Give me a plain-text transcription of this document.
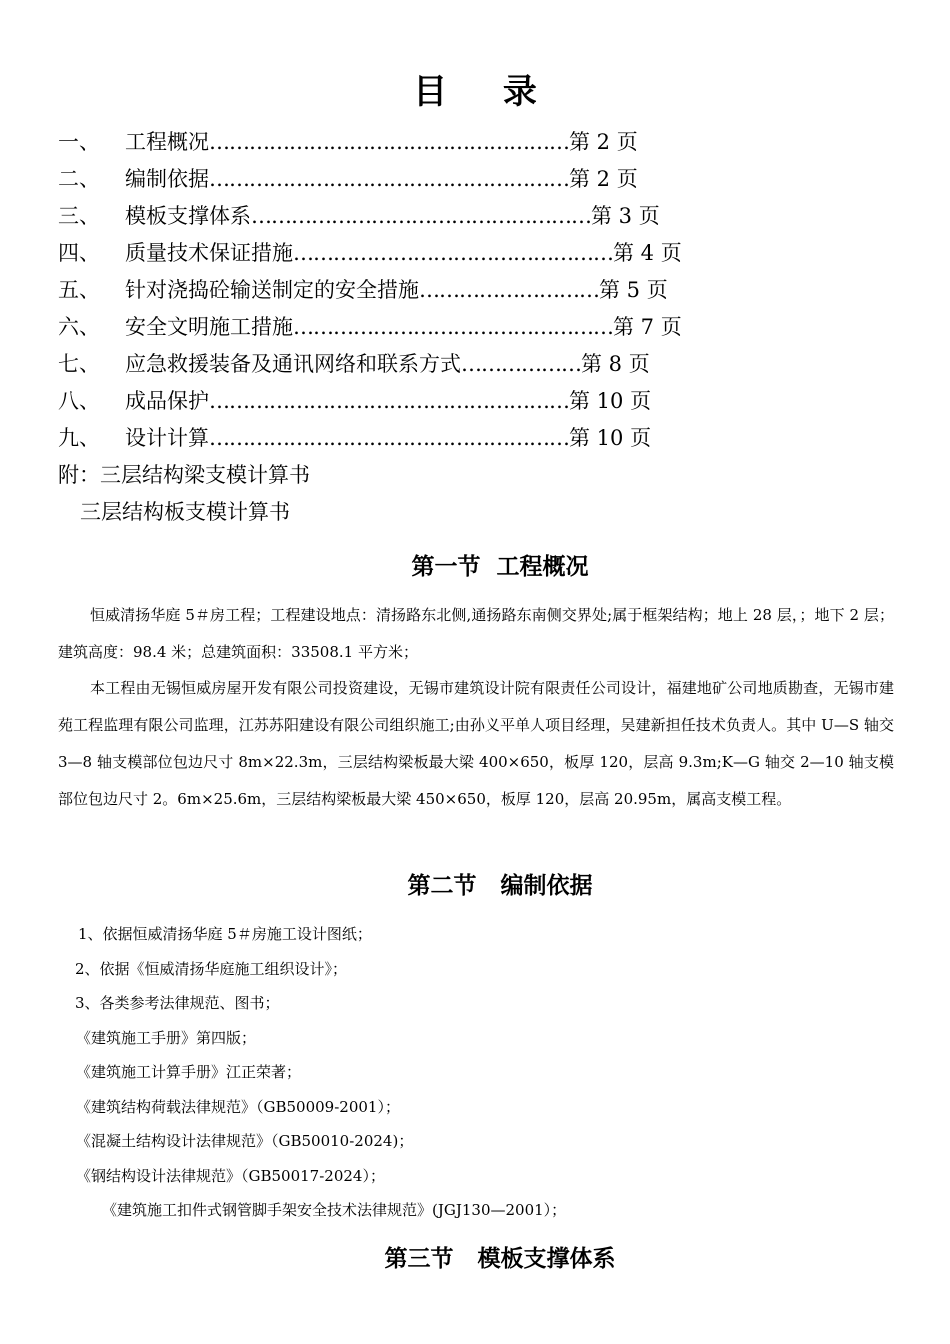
目 录
一、 工程概况………………………………………………第 2 页
二、 编制依据………………………………………………第 2 页
三、 模板支撑体系……………………………………………第 3 页
四、 质量技术保证措施…………………………………………第 4 页
五、 针对浇捣砼输送制定的安全措施………………………第 5 页
六、 安全文明施工措施…………………………………………第 7 页
七、 应急救援装备及通讯网络和联系方式………………第 8 页
八、 成品保护………………………………………………第 10 页
九、 设计计算………………………………………………第 10 页
附：三层结构梁支模计算书
三层结构板支模计算书
第一节  工程概况
恒威清扬华庭 5＃房工程；工程建设地点：清扬路东北侧,通扬路东南侧交界处;属于框架结构；地上 28 层，；地下 2 层；建筑高度：98.4 米；总建筑面积：33508.1 平方米；
本工程由无锡恒威房屋开发有限公司投资建设，无锡市建筑设计院有限责任公司设计，福建地矿公司地质勘查，无锡市建苑工程监理有限公司监理，江苏苏阳建设有限公司组织施工;由孙义平单人项目经理，吴建新担任技术负责人。其中 U—S 轴交 3—8 轴支模部位包边尺寸 8m×22.3m，三层结构梁板最大梁 400×650，板厚 120，层高 9.3m;K—G 轴交 2—10 轴支模部位包边尺寸 2。6m×25.6m，三层结构梁板最大梁 450×650，板厚 120，层高 20.95m，属高支模工程。
第二节   编制依据
1、依据恒威清扬华庭 5＃房施工设计图纸；
2、依据《恒威清扬华庭施工组织设计》；
3、各类参考法律规范、图书；
《建筑施工手册》第四版；
《建筑施工计算手册》江正荣著；
《建筑结构荷载法律规范》（GB50009-2001）；
《混凝土结构设计法律规范》（GB50010-2024)；
《钢结构设计法律规范》（GB50017-2024）；
《建筑施工扣件式钢管脚手架安全技术法律规范》(JGJ130—2001）；
第三节   模板支撑体系
